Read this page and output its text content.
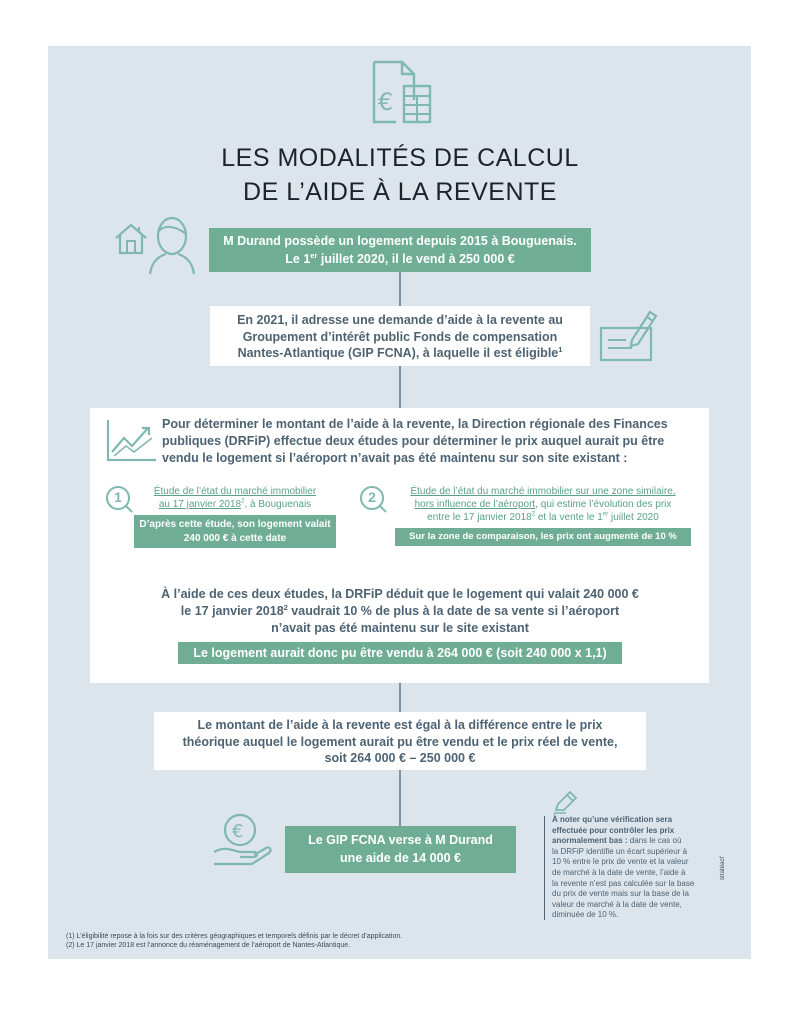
€
LES MODALITÉS DE CALCUL
DE L’AIDE À LA REVENTE
M Durand possède un logement depuis 2015 à Bouguenais.
Le 1er juillet 2020, il le vend à 250 000 €
En 2021, il adresse une demande d’aide à la revente au
Groupement d’intérêt public Fonds de compensation
Nantes-Atlantique (GIP FCNA), à laquelle il est éligible$^1$
Pour déterminer le montant de l’aide à la revente, la Direction régionale des Finances
publiques (DRFiP) effectue deux études pour déterminer le prix auquel aurait pu être
vendu le logement si l’aéroport n’avait pas été maintenu sur son site existant :
1	Étude de l’état du marché immobilier
au 17 janvier 2018$^2$, à Bouguenais
D’après cette étude, son logement valait
240 000 € à cette date
2	Étude de l’état du marché immobilier sur une zone similaire,
hors influence de l’aéroport, qui estime l’évolution des prix
entre le 17 janvier 2018$^2$ et la vente le 1er juillet 2020
Sur la zone de comparaison, les prix ont augmenté de 10 %
À l’aide de ces deux études, la DRFiP déduit que le logement qui valait 240 000 €
le 17 janvier 2018$^2$ vaudrait 10 % de plus à la date de sa vente si l’aéroport
n’avait pas été maintenu sur le site existant
Le logement aurait donc pu être vendu à 264 000 € (soit 240 000 x 1,1)
Le montant de l’aide à la revente est égal à la différence entre le prix
théorique auquel le logement aurait pu être vendu et le prix réel de vente,
soit 264 000 € – 250 000 €
€	Le GIP FCNA verse à M Durand
une aide de 14 000 €
À noter qu’une vérification sera
effectuée pour contrôler les prix
anormalement bas : dans le cas où
la DRFiP identifie un écart supérieur à
10 % entre le prix de vente et la valeur
de marché à la date de vente, l’aide à
la revente n’est pas calculée sur la base
du prix de vente mais sur la base de la
valeur de marché à la date de vente,
diminuée de 10 %.
stratéact’
(1) L’éligibilité repose à la fois sur des critères géographiques et temporels définis par le décret d’application.
(2) Le 17 janvier 2018 est l’annonce du réaménagement de l’aéroport de Nantes-Atlantique.
